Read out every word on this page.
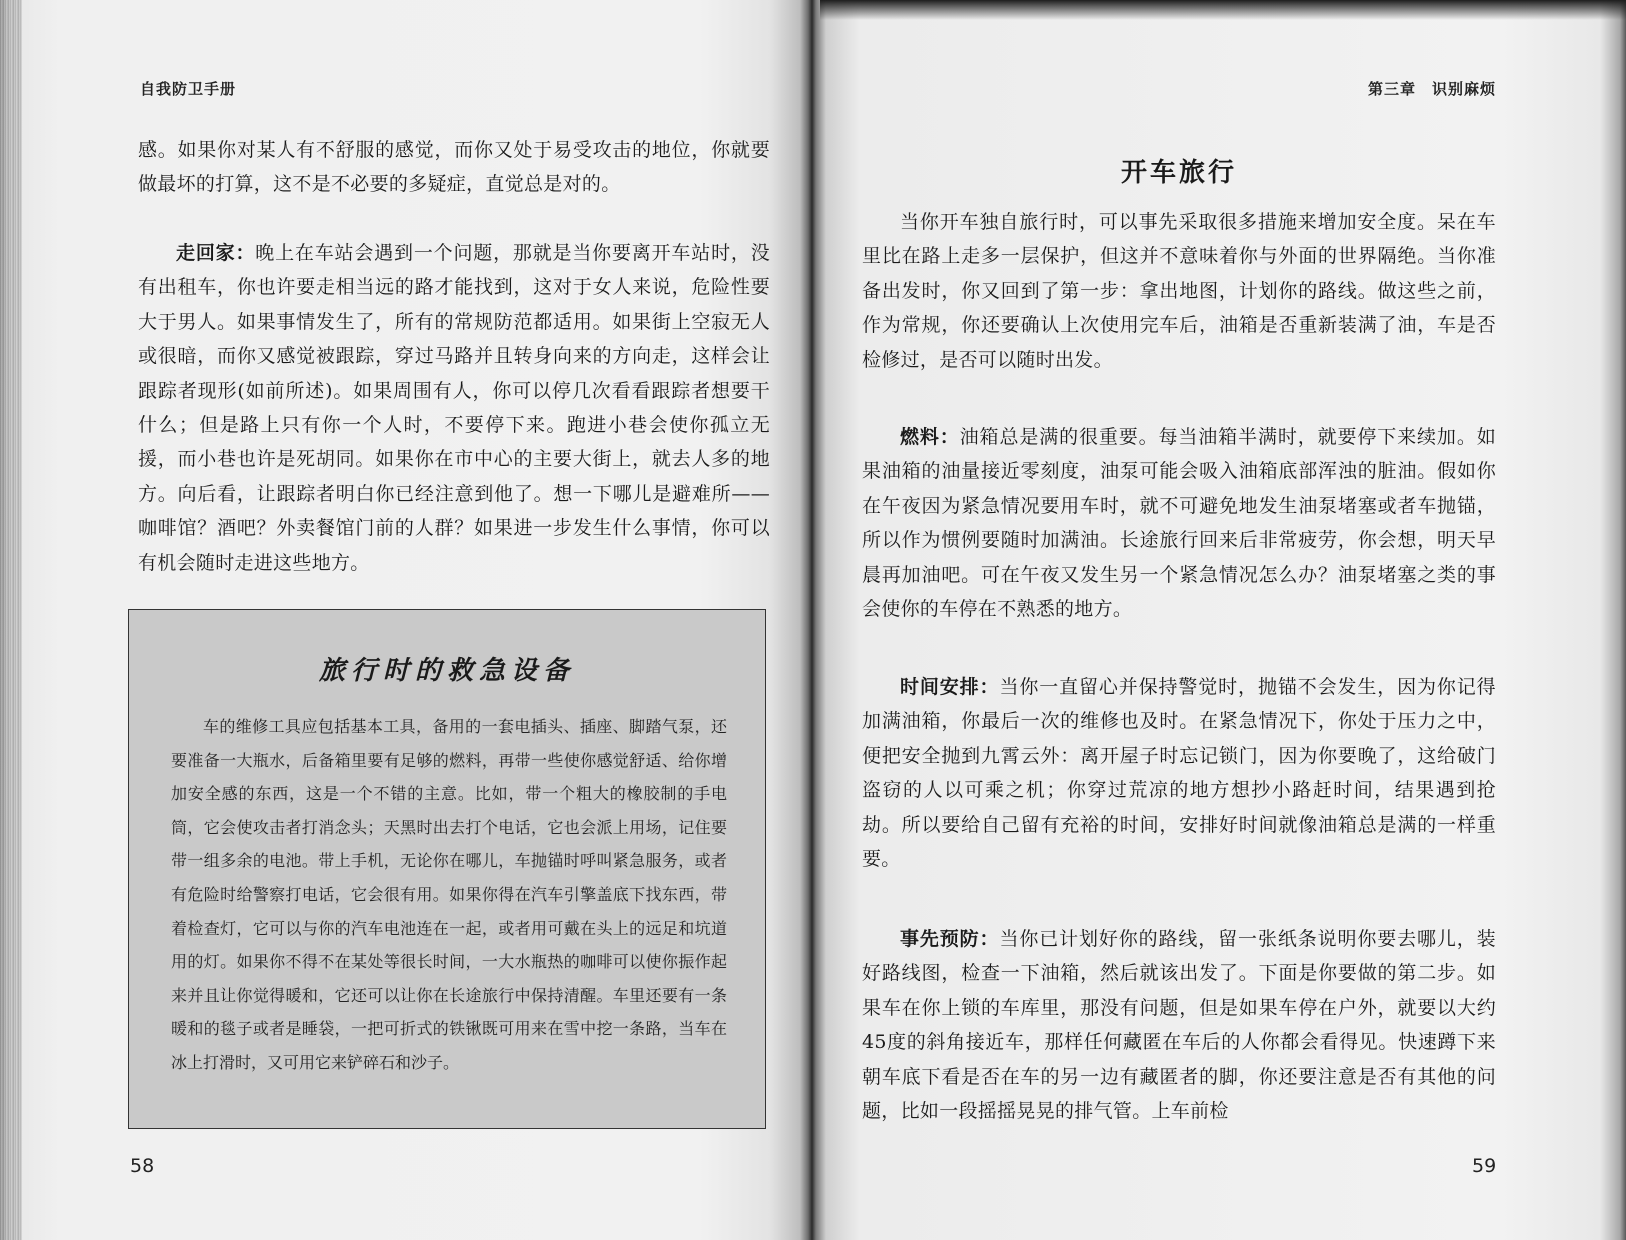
自我防卫手册

感。如果你对某人有不舒服的感觉，而你又处于易受攻击的地位，你就要做最坏的打算，这不是不必要的多疑症，直觉总是对的。

走回家：晚上在车站会遇到一个问题，那就是当你要离开车站时，没有出租车，你也许要走相当远的路才能找到，这对于女人来说，危险性要大于男人。如果事情发生了，所有的常规防范都适用。如果街上空寂无人或很暗，而你又感觉被跟踪，穿过马路并且转身向来的方向走，这样会让跟踪者现形(如前所述)。如果周围有人，你可以停几次看看跟踪者想要干什么；但是路上只有你一个人时，不要停下来。跑进小巷会使你孤立无援，而小巷也许是死胡同。如果你在市中心的主要大街上，就去人多的地方。向后看，让跟踪者明白你已经注意到他了。想一下哪儿是避难所——咖啡馆？酒吧？外卖餐馆门前的人群？如果进一步发生什么事情，你可以有机会随时走进这些地方。

旅行时的救急设备

车的维修工具应包括基本工具，备用的一套电插头、插座、脚踏气泵，还要准备一大瓶水，后备箱里要有足够的燃料，再带一些使你感觉舒适、给你增加安全感的东西，这是一个不错的主意。比如，带一个粗大的橡胶制的手电筒，它会使攻击者打消念头；天黑时出去打个电话，它也会派上用场，记住要带一组多余的电池。带上手机，无论你在哪儿，车抛锚时呼叫紧急服务，或者有危险时给警察打电话，它会很有用。如果你得在汽车引擎盖底下找东西，带着检查灯，它可以与你的汽车电池连在一起，或者用可戴在头上的远足和坑道用的灯。如果你不得不在某处等很长时间，一大水瓶热的咖啡可以使你振作起来并且让你觉得暖和，它还可以让你在长途旅行中保持清醒。车里还要有一条暖和的毯子或者是睡袋，一把可折式的铁锹既可用来在雪中挖一条路，当车在冰上打滑时，又可用它来铲碎石和沙子。

58
第三章　识别麻烦
开车旅行

当你开车独自旅行时，可以事先采取很多措施来增加安全度。呆在车里比在路上走多一层保护，但这并不意味着你与外面的世界隔绝。当你准备出发时，你又回到了第一步：拿出地图，计划你的路线。做这些之前，作为常规，你还要确认上次使用完车后，油箱是否重新装满了油，车是否检修过，是否可以随时出发。

燃料：油箱总是满的很重要。每当油箱半满时，就要停下来续加。如果油箱的油量接近零刻度，油泵可能会吸入油箱底部浑浊的脏油。假如你在午夜因为紧急情况要用车时，就不可避免地发生油泵堵塞或者车抛锚，所以作为惯例要随时加满油。长途旅行回来后非常疲劳，你会想，明天早晨再加油吧。可在午夜又发生另一个紧急情况怎么办？油泵堵塞之类的事会使你的车停在不熟悉的地方。

时间安排：当你一直留心并保持警觉时，抛锚不会发生，因为你记得加满油箱，你最后一次的维修也及时。在紧急情况下，你处于压力之中，便把安全抛到九霄云外：离开屋子时忘记锁门，因为你要晚了，这给破门盗窃的人以可乘之机；你穿过荒凉的地方想抄小路赶时间，结果遇到抢劫。所以要给自己留有充裕的时间，安排好时间就像油箱总是满的一样重要。

事先预防：当你已计划好你的路线，留一张纸条说明你要去哪儿，装好路线图，检查一下油箱，然后就该出发了。下面是你要做的第二步。如果车在你上锁的车库里，那没有问题，但是如果车停在户外，就要以大约45度的斜角接近车，那样任何藏匿在车后的人你都会看得见。快速蹲下来朝车底下看是否在车的另一边有藏匿者的脚，你还要注意是否有其他的问题，比如一段摇摇晃晃的排气管。上车前检

59
